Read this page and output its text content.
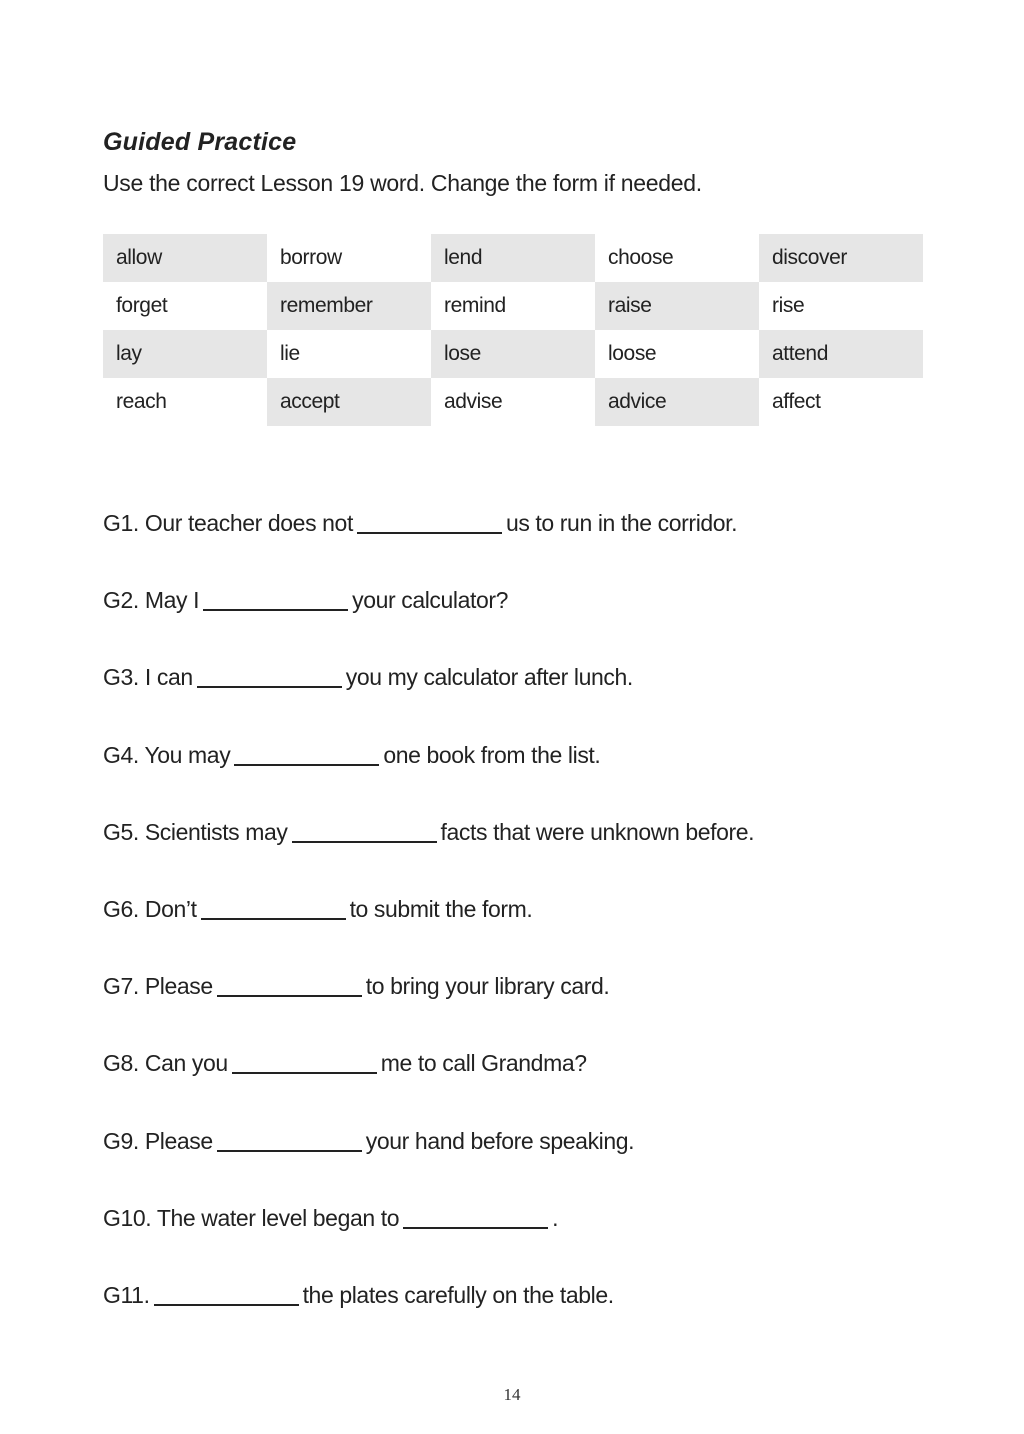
Guided Practice
Use the correct Lesson 19 word. Change the form if needed.
allow	borrow	lend	choose	discover
forget	remember	remind	raise	rise
lay	lie	lose	loose	attend
reach	accept	advise	advice	affect
G1. Our teacher does not	us to run in the corridor.
G2. May I	your calculator?
G3. I can	you my calculator after lunch.
G4. You may	one book from the list.
G5. Scientists may	facts that were unknown before.
G6. Don’t	to submit the form.
G7. Please	to bring your library card.
G8. Can you	me to call Grandma?
G9. Please	your hand before speaking.
G10. The water level began to	.
G11.	the plates carefully on the table.
14
